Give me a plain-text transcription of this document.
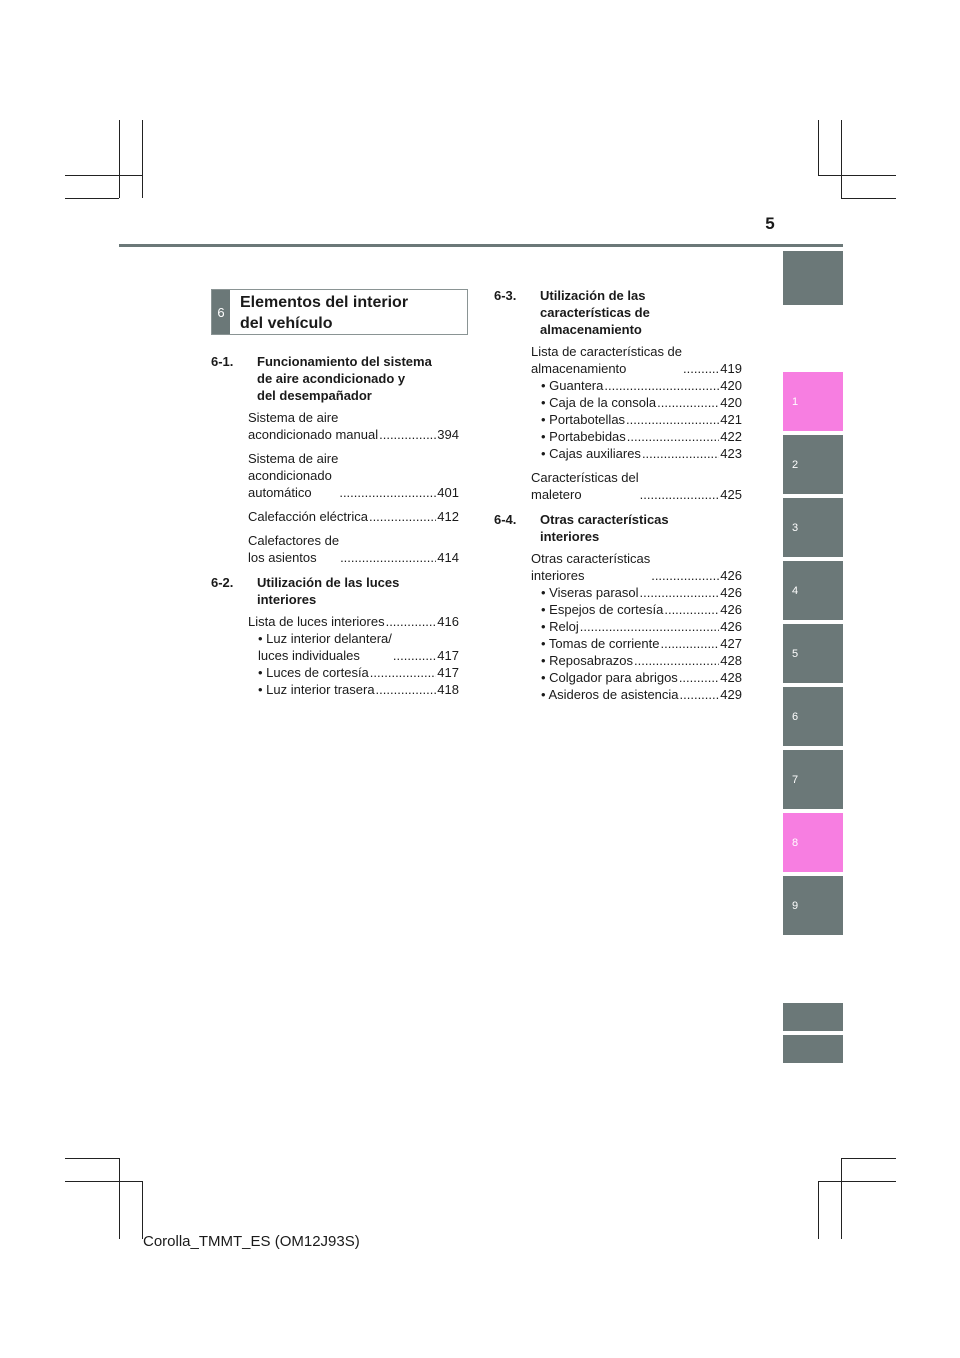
5
1
2
3
4
5
6
7
8
9
6
Elementos del interior
del vehículo
6-1.	Funcionamiento del sistema
de aire acondicionado y
del desempañador
Sistema de aire
acondicionado manual .....	394
Sistema de aire
acondicionado
automático .....	401
Calefacción eléctrica .....	412
Calefactores de
los asientos .....	414
6-2.	Utilización de las luces
interiores
Lista de luces interiores .....	416
• Luz interior delantera/
luces individuales .....	417
• Luces de cortesía .....	417
• Luz interior trasera .....	418
6-3.	Utilización de las
características de
almacenamiento
Lista de características de
almacenamiento .....	419
• Guantera .....	420
• Caja de la consola .....	420
• Portabotellas .....	421
• Portabebidas .....	422
• Cajas auxiliares .....	423
Características del
maletero .....	425
6-4.	Otras características
interiores
Otras características
interiores .....	426
• Viseras parasol .....	426
• Espejos de cortesía .....	426
• Reloj .....	426
• Tomas de corriente .....	427
• Reposabrazos .....	428
• Colgador para abrigos .....	428
• Asideros de asistencia .....	429
Corolla_TMMT_ES (OM12J93S)
